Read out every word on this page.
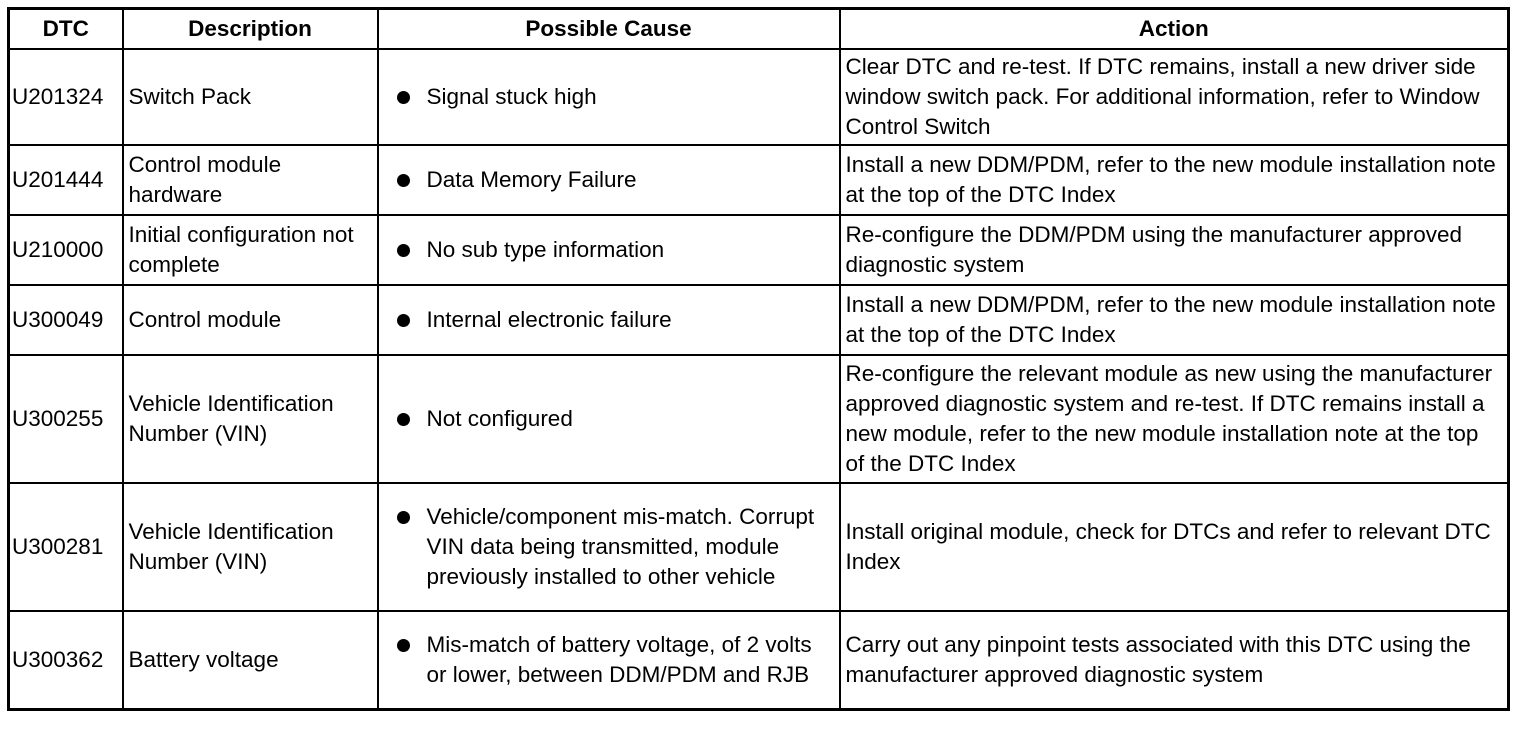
DTC	Description	Possible Cause	Action
U201324	Switch Pack	Signal stuck high	Clear DTC and re-test. If DTC remains, install a new driver side window switch pack. For additional information, refer to Window Control Switch
U201444	Control module hardware	Data Memory Failure	Install a new DDM/PDM, refer to the new module installation note at the top of the DTC Index
U210000	Initial configuration not complete	No sub type information	Re-configure the DDM/PDM using the manufacturer approved diagnostic system
U300049	Control module	Internal electronic failure	Install a new DDM/PDM, refer to the new module installation note at the top of the DTC Index
U300255	Vehicle Identification Number (VIN)	Not configured	Re-configure the relevant module as new using the manufacturer approved diagnostic system and re-test. If DTC remains install a new module, refer to the new module installation note at the top of the DTC Index
U300281	Vehicle Identification Number (VIN)	Vehicle/component mis-match. Corrupt VIN data being transmitted, module previously installed to other vehicle	Install original module, check for DTCs and refer to relevant DTC Index
U300362	Battery voltage	Mis-match of battery voltage, of 2 volts or lower, between DDM/PDM and RJB	Carry out any pinpoint tests associated with this DTC using the manufacturer approved diagnostic system
